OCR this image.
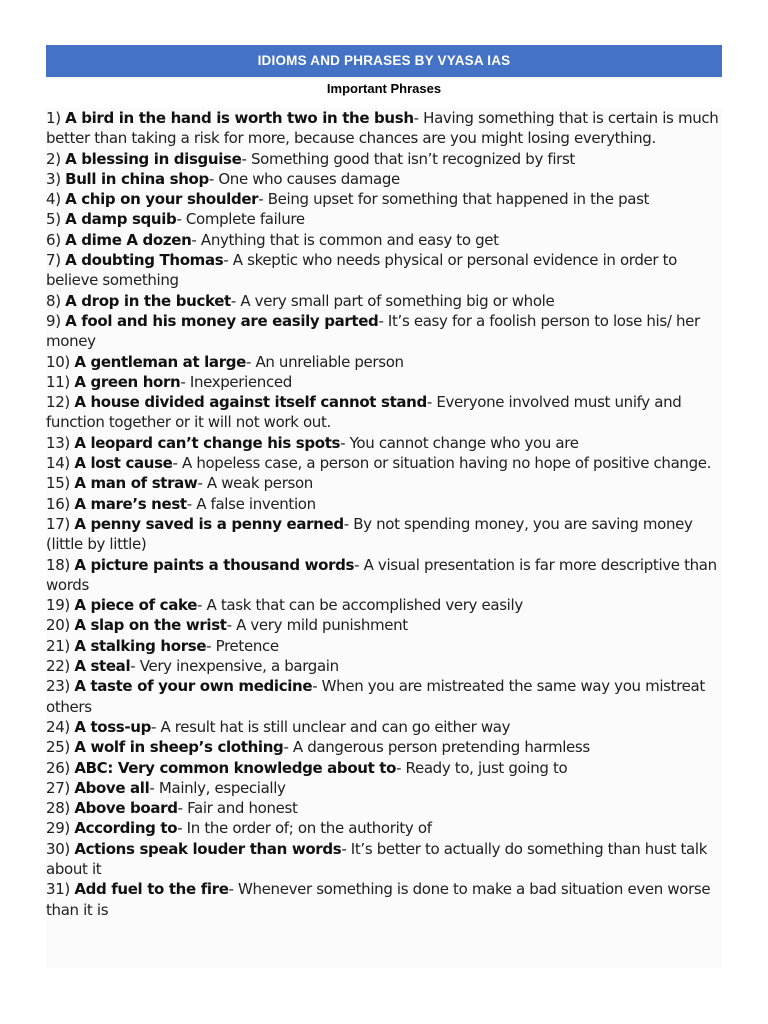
IDIOMS AND PHRASES BY VYASA IAS
Important Phrases
1) A bird in the hand is worth two in the bush- Having something that is certain is much better than taking a risk for more, because chances are you might losing everything.
2) A blessing in disguise- Something good that isn’t recognized by first
3) Bull in china shop- One who causes damage
4) A chip on your shoulder- Being upset for something that happened in the past
5) A damp squib- Complete failure
6) A dime A dozen- Anything that is common and easy to get
7) A doubting Thomas- A skeptic who needs physical or personal evidence in order to believe something
8) A drop in the bucket- A very small part of something big or whole
9) A fool and his money are easily parted- It’s easy for a foolish person to lose his/ her money
10) A gentleman at large- An unreliable person
11) A green horn- Inexperienced
12) A house divided against itself cannot stand- Everyone involved must unify and function together or it will not work out.
13) A leopard can’t change his spots- You cannot change who you are
14) A lost cause- A hopeless case, a person or situation having no hope of positive change.
15) A man of straw- A weak person
16) A mare’s nest- A false invention
17) A penny saved is a penny earned- By not spending money, you are saving money (little by little)
18) A picture paints a thousand words- A visual presentation is far more descriptive than words
19) A piece of cake- A task that can be accomplished very easily
20) A slap on the wrist- A very mild punishment
21) A stalking horse- Pretence
22) A steal- Very inexpensive, a bargain
23) A taste of your own medicine- When you are mistreated the same way you mistreat others
24) A toss-up- A result hat is still unclear and can go either way
25) A wolf in sheep’s clothing- A dangerous person pretending harmless
26) ABC: Very common knowledge about to- Ready to, just going to
27) Above all- Mainly, especially
28) Above board- Fair and honest
29) According to- In the order of; on the authority of
30) Actions speak louder than words- It’s better to actually do something than hust talk about it
31) Add fuel to the fire- Whenever something is done to make a bad situation even worse than it is
